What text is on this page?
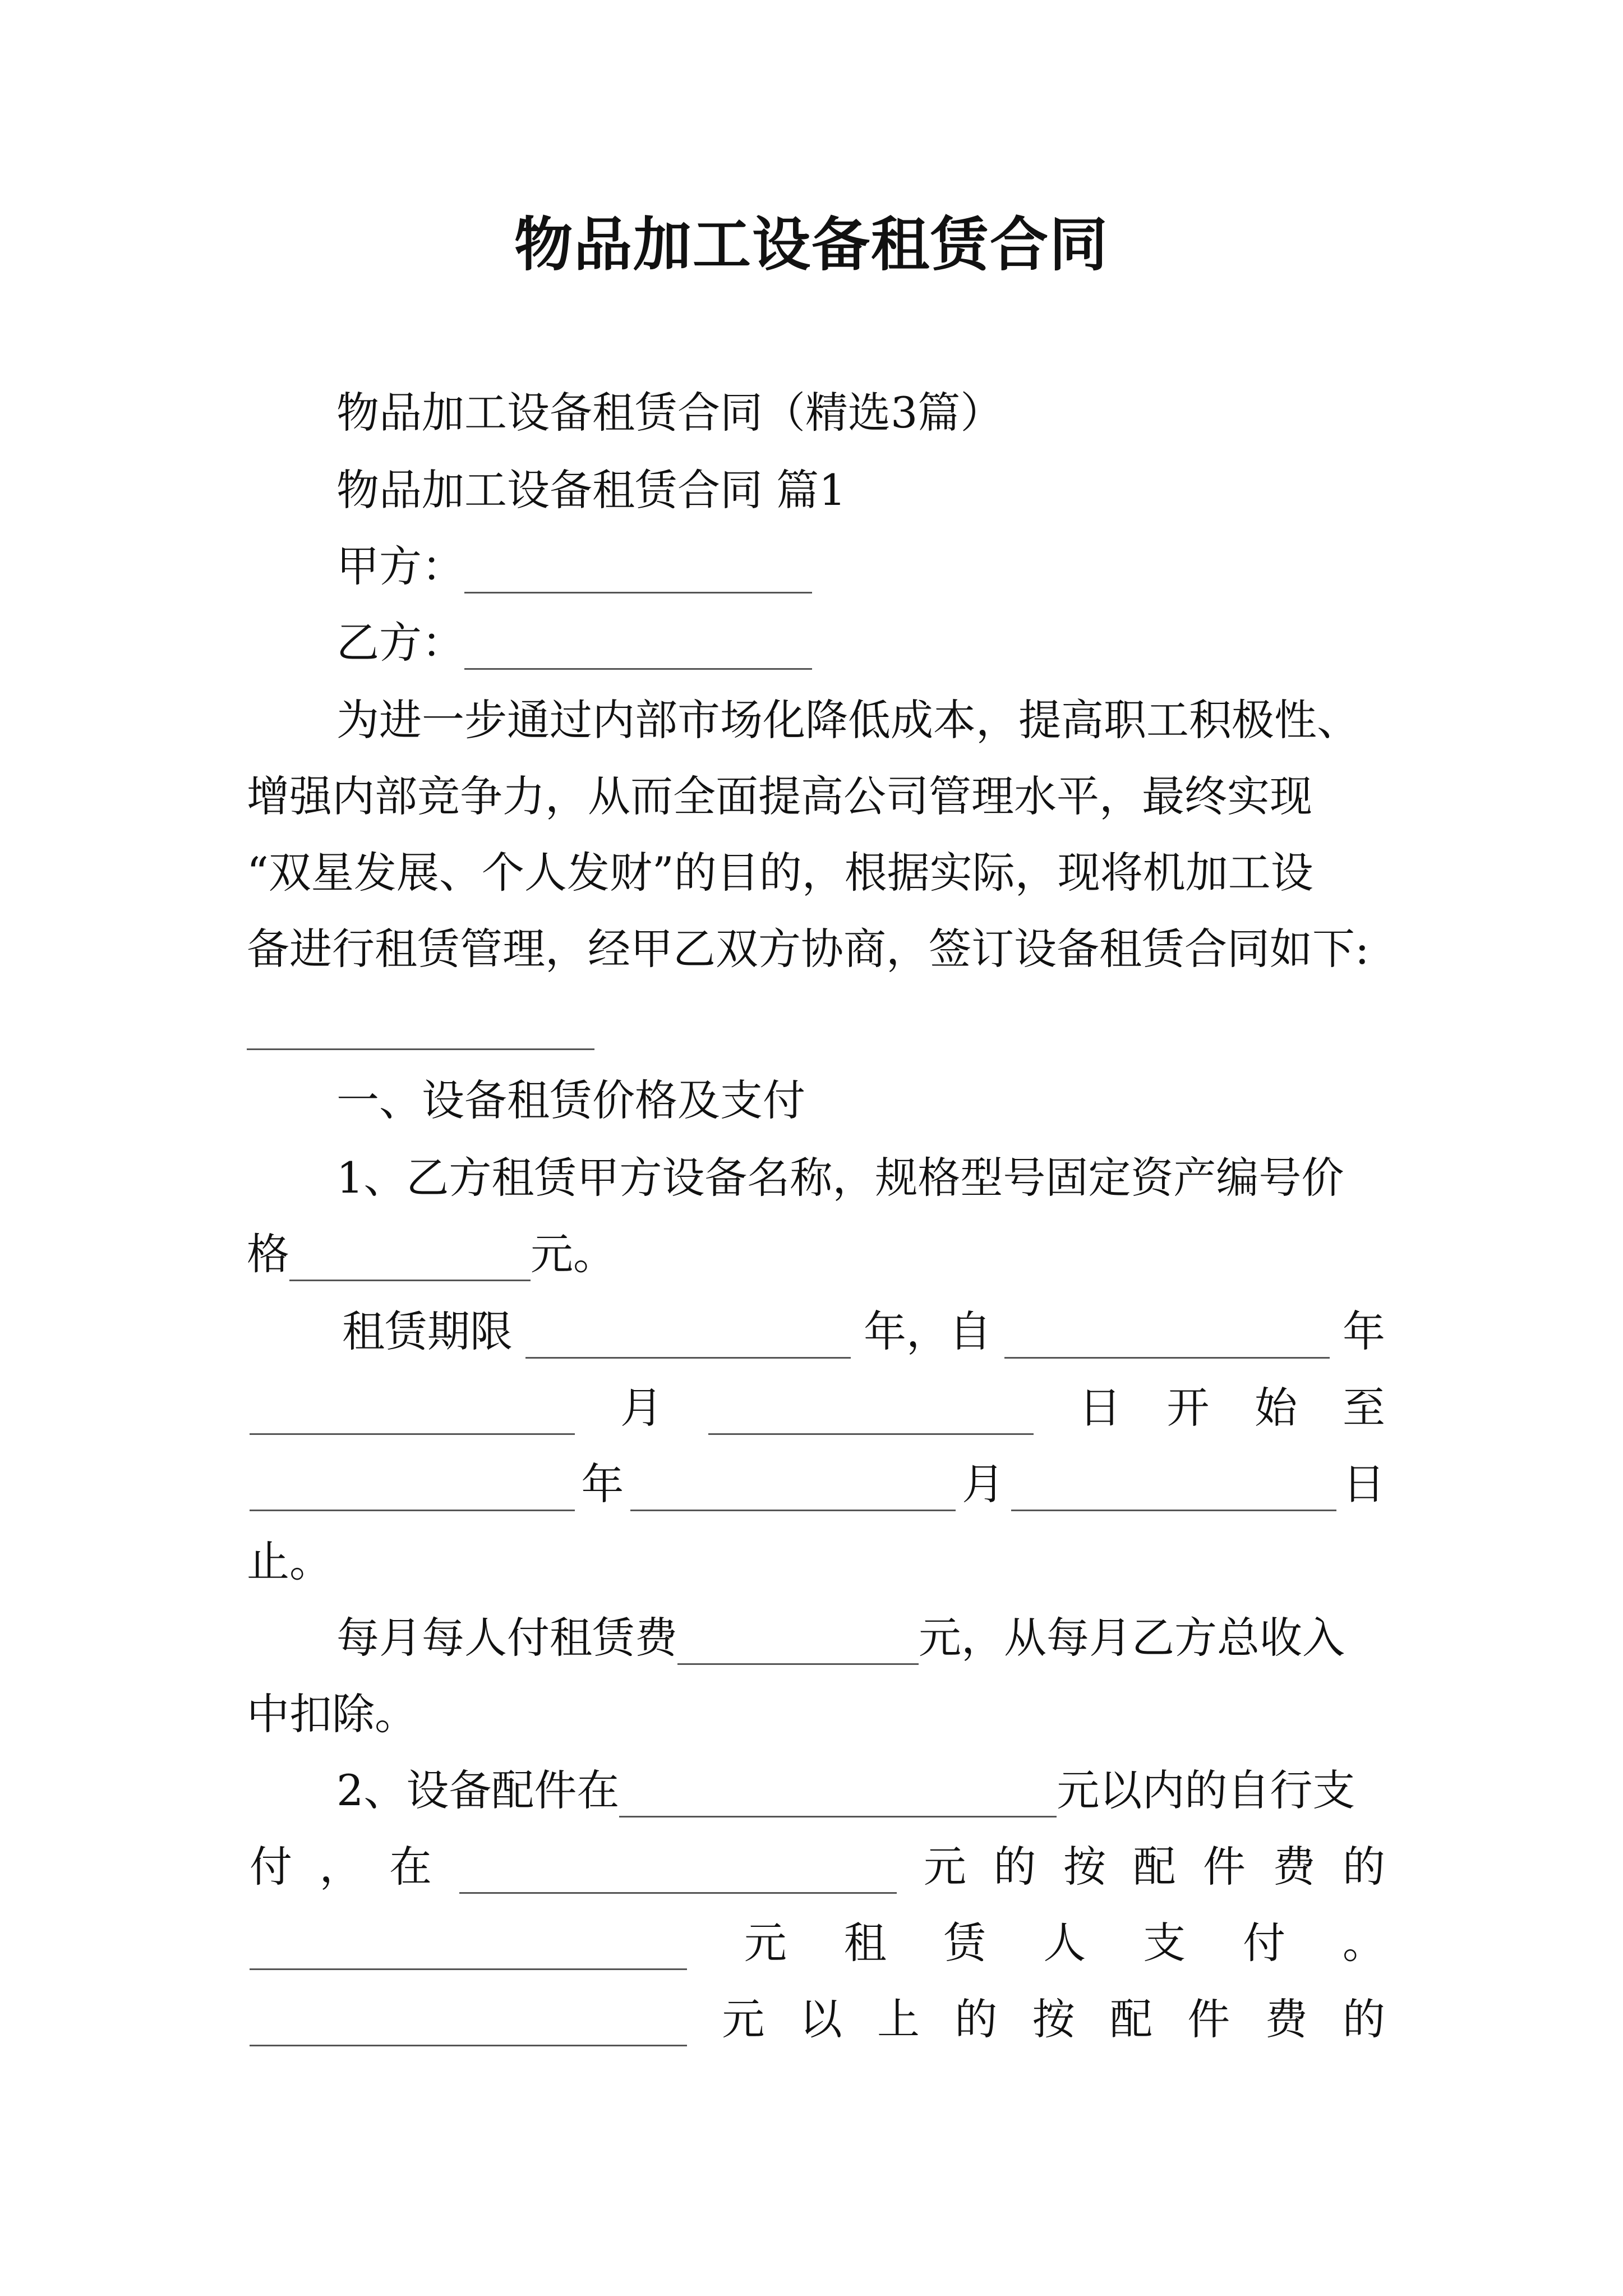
物品加工设备租赁合同
物品加工设备租赁合同（精选3篇）
物品加工设备租赁合同 篇1
甲方：
乙方：
为进一步通过内部市场化降低成本，提高职工积极性、
增强内部竞争力，从而全面提高公司管理水平，最终实现
“双星发展、个人发财”的目的，根据实际，现将机加工设
备进行租赁管理，经甲乙双方协商，签订设备租赁合同如下:
一、设备租赁价格及支付
1、乙方租赁甲方设备名称，规格型号固定资产编号价
格	元。
租赁期限	年，自	年
月	日 开 始 至
年	月	日
止。
每月每人付租赁费	元，从每月乙方总收入
中扣除。
2、设备配件在	元以内的自行支
付 ， 在	元 的 按 配 件 费 的
元 租 赁 人 支 付 。
元 以 上 的 按 配 件 费 的
